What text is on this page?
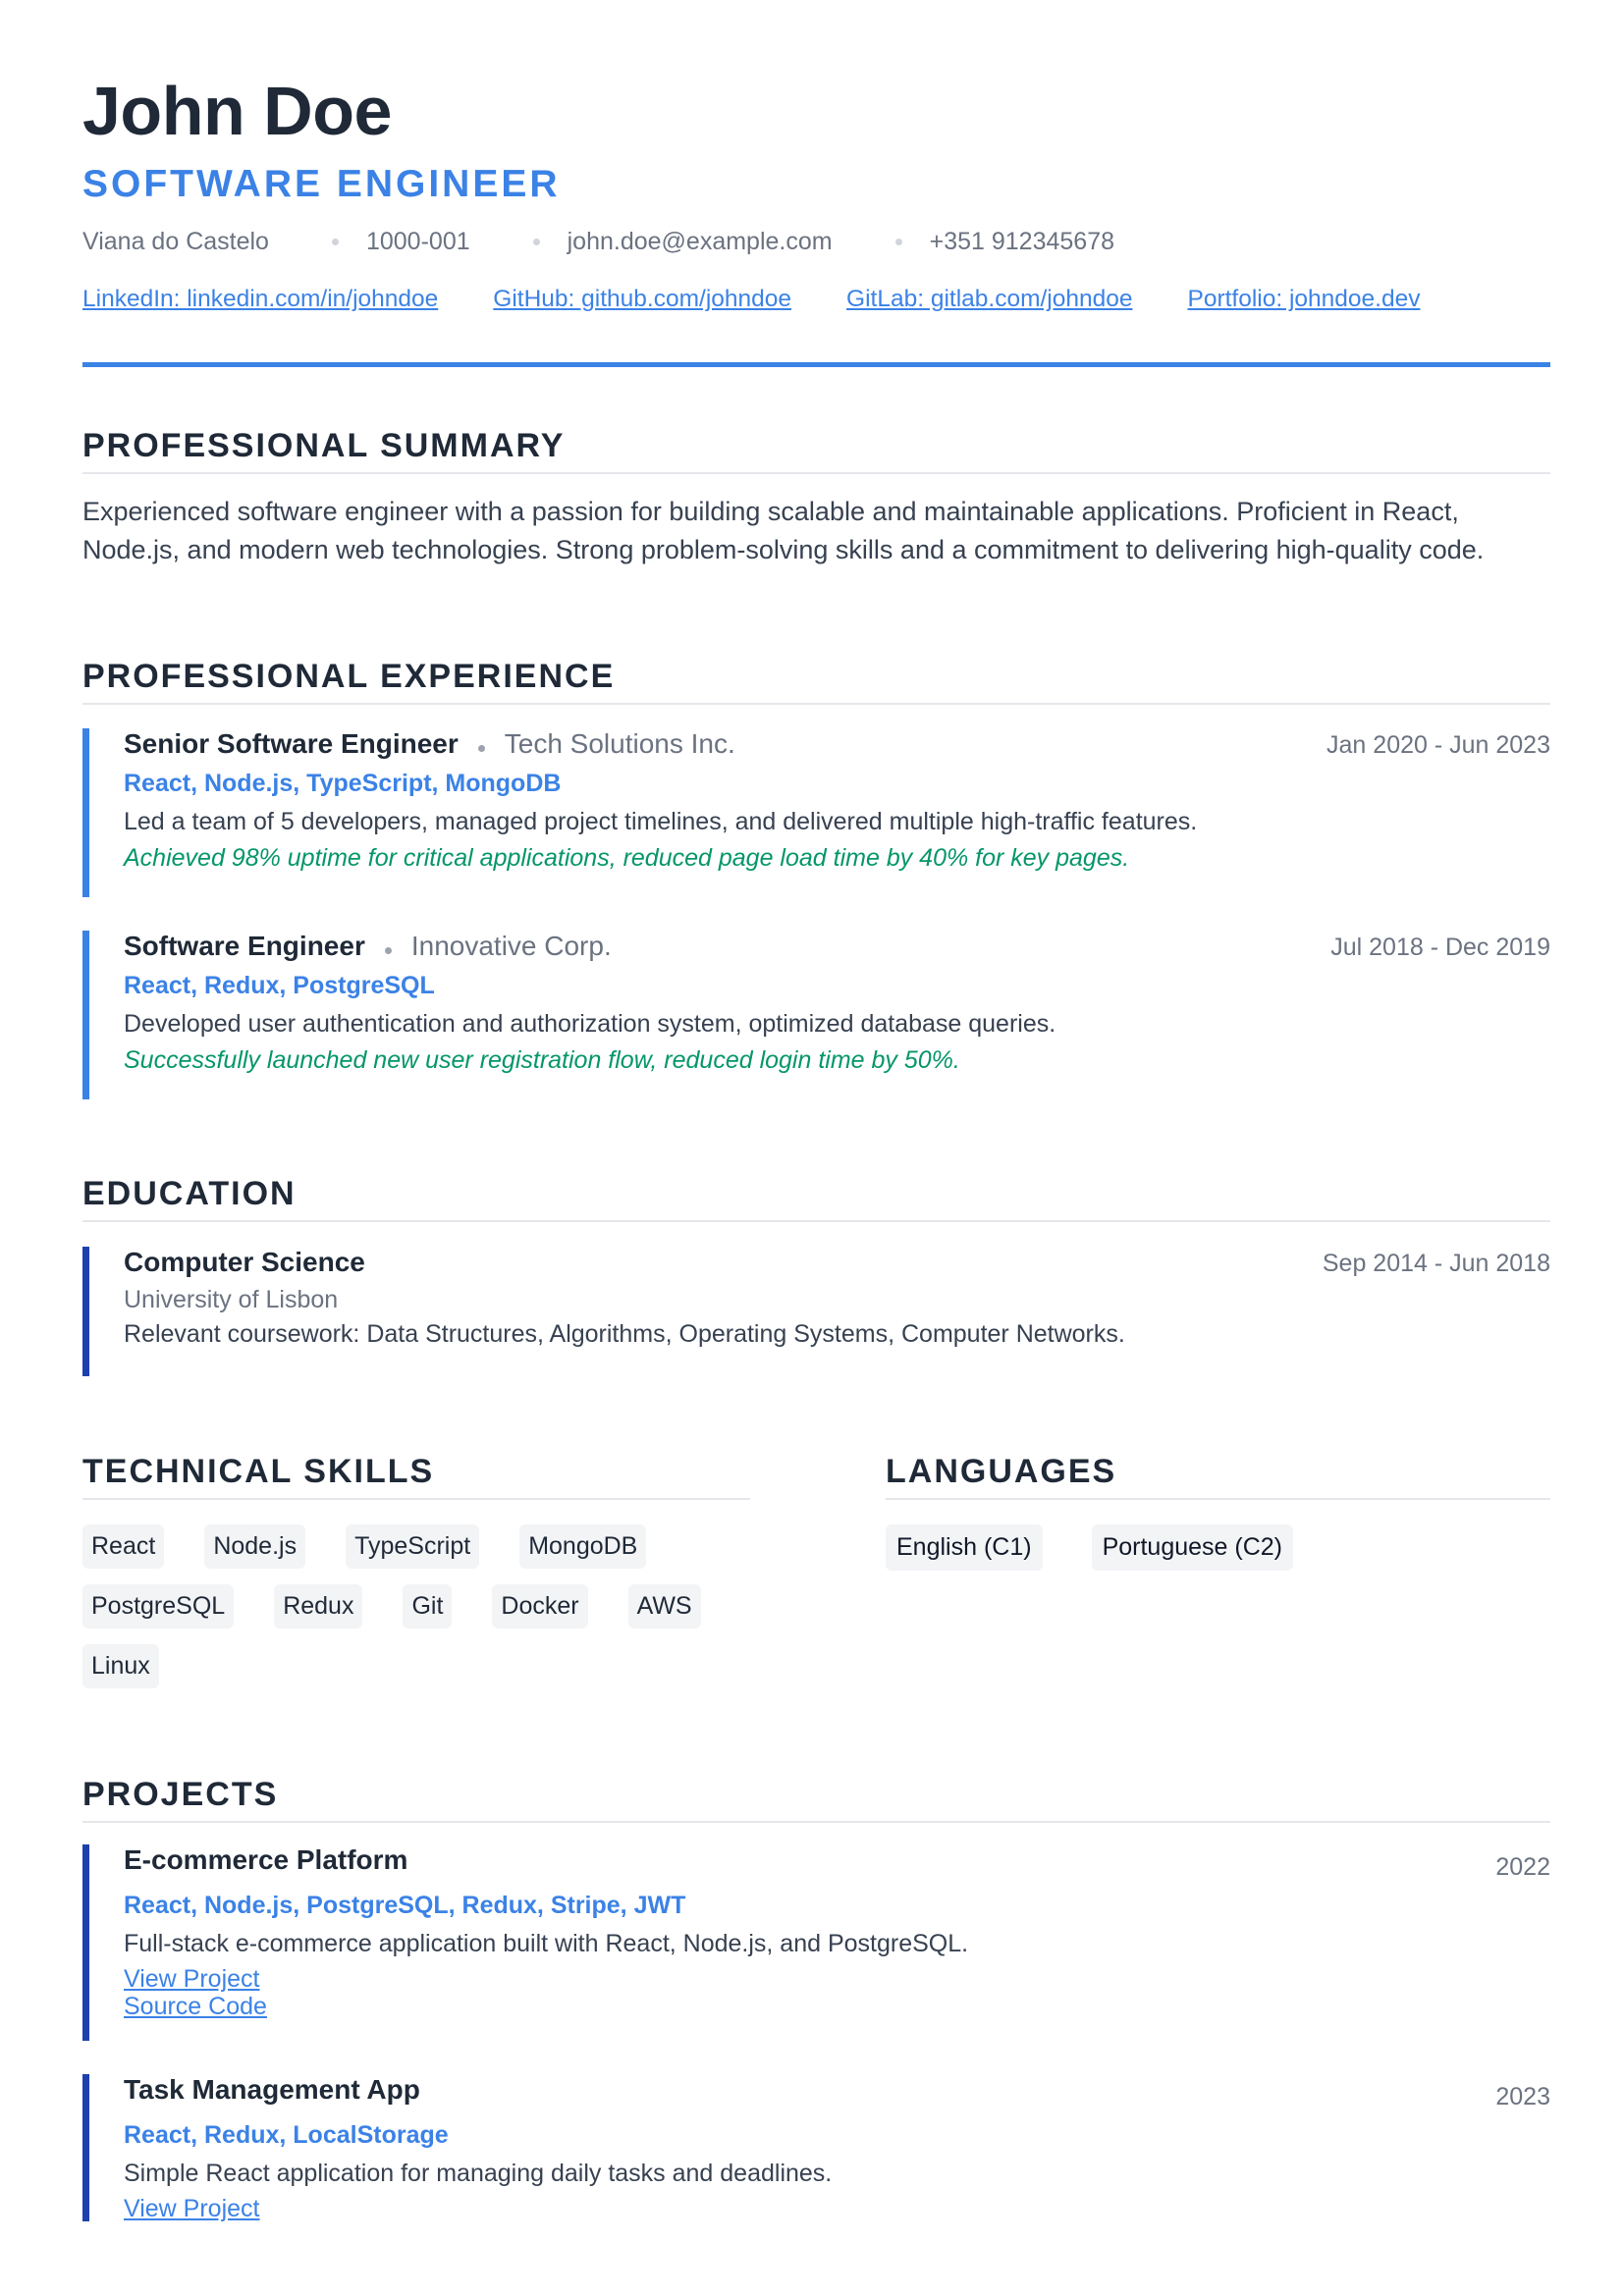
John Doe
SOFTWARE ENGINEER
Viana do Castelo	1000-001	john.doe@example.com	+351 912345678
LinkedIn: linkedin.com/in/johndoe GitHub: github.com/johndoe GitLab: gitlab.com/johndoe Portfolio: johndoe.dev
PROFESSIONAL SUMMARY
Experienced software engineer with a passion for building scalable and maintainable applications. Proficient in React, Node.js, and modern web technologies. Strong problem-solving skills and a commitment to delivering high-quality code.
PROFESSIONAL EXPERIENCE
Senior Software Engineer Tech Solutions Inc.	Jan 2020 - Jun 2023
React, Node.js, TypeScript, MongoDB
Led a team of 5 developers, managed project timelines, and delivered multiple high-traffic features.
Achieved 98% uptime for critical applications, reduced page load time by 40% for key pages.
Software Engineer Innovative Corp.	Jul 2018 - Dec 2019
React, Redux, PostgreSQL
Developed user authentication and authorization system, optimized database queries.
Successfully launched new user registration flow, reduced login time by 50%.
EDUCATION
Computer Science	Sep 2014 - Jun 2018
University of Lisbon
Relevant coursework: Data Structures, Algorithms, Operating Systems, Computer Networks.
TECHNICAL SKILLS
React	Node.js	TypeScript	MongoDB
PostgreSQL	Redux	Git	Docker	AWS
Linux
LANGUAGES
English (C1)	Portuguese (C2)
PROJECTS
E-commerce Platform	2022
React, Node.js, PostgreSQL, Redux, Stripe, JWT
Full-stack e-commerce application built with React, Node.js, and PostgreSQL.
View Project
Source Code
Task Management App	2023
React, Redux, LocalStorage
Simple React application for managing daily tasks and deadlines.
View Project
